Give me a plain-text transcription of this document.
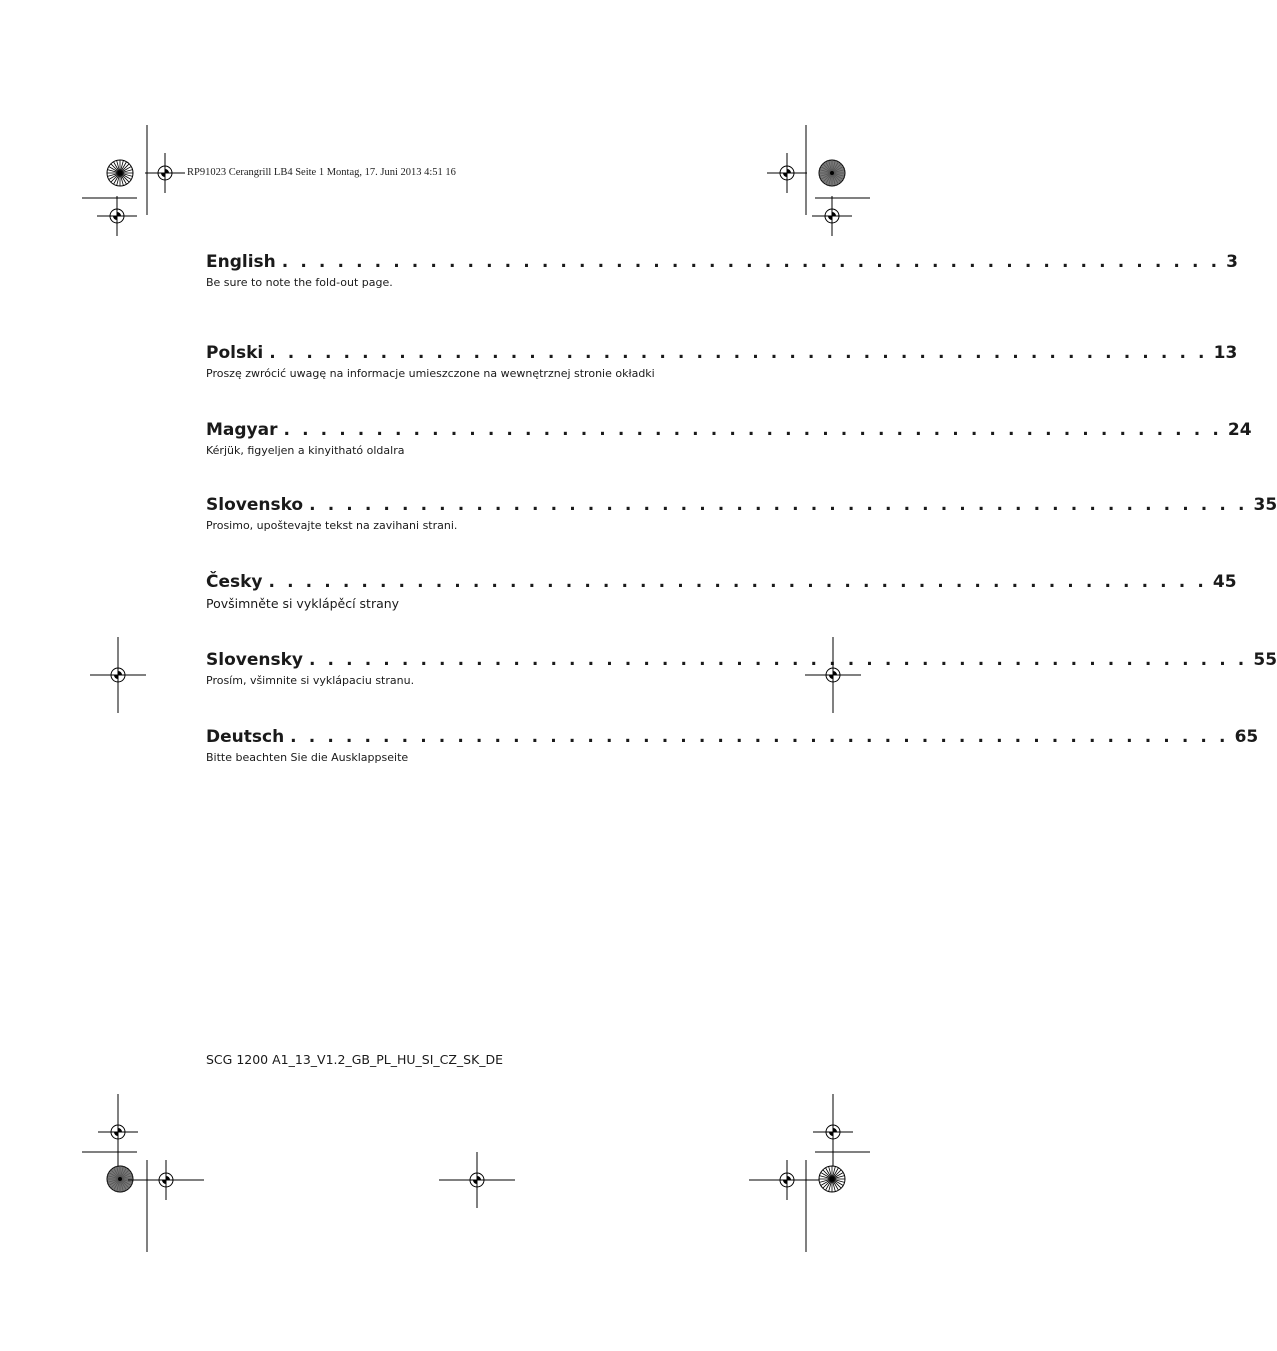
RP91023 Cerangrill LB4 Seite 1 Montag, 17. Juni 2013 4:51 16
English . . . . . . . . . . . . . . . . . . . . . . . . . . . . . . . . . . . . . . . . . . . . . . . . . . . 3
Be sure to note the fold-out page.
Polski . . . . . . . . . . . . . . . . . . . . . . . . . . . . . . . . . . . . . . . . . . . . . . . . . . . 13
Proszę zwrócić uwagę na informacje umieszczone na wewnętrznej stronie okładki
Magyar . . . . . . . . . . . . . . . . . . . . . . . . . . . . . . . . . . . . . . . . . . . . . . . . . . . 24
Kérjük, figyeljen a kinyitható oldalra
Slovensko . . . . . . . . . . . . . . . . . . . . . . . . . . . . . . . . . . . . . . . . . . . . . . . . . . . 35
Prosimo, upoštevajte tekst na zavihani strani.
Česky . . . . . . . . . . . . . . . . . . . . . . . . . . . . . . . . . . . . . . . . . . . . . . . . . . . 45
Povšimněte si vyklápěcí strany
Slovensky . . . . . . . . . . . . . . . . . . . . . . . . . . . . . . . . . . . . . . . . . . . . . . . . . . . 55
Prosím, všimnite si vyklápaciu stranu.
Deutsch . . . . . . . . . . . . . . . . . . . . . . . . . . . . . . . . . . . . . . . . . . . . . . . . . . . 65
Bitte beachten Sie die Ausklappseite
SCG 1200 A1_13_V1.2_GB_PL_HU_SI_CZ_SK_DE
